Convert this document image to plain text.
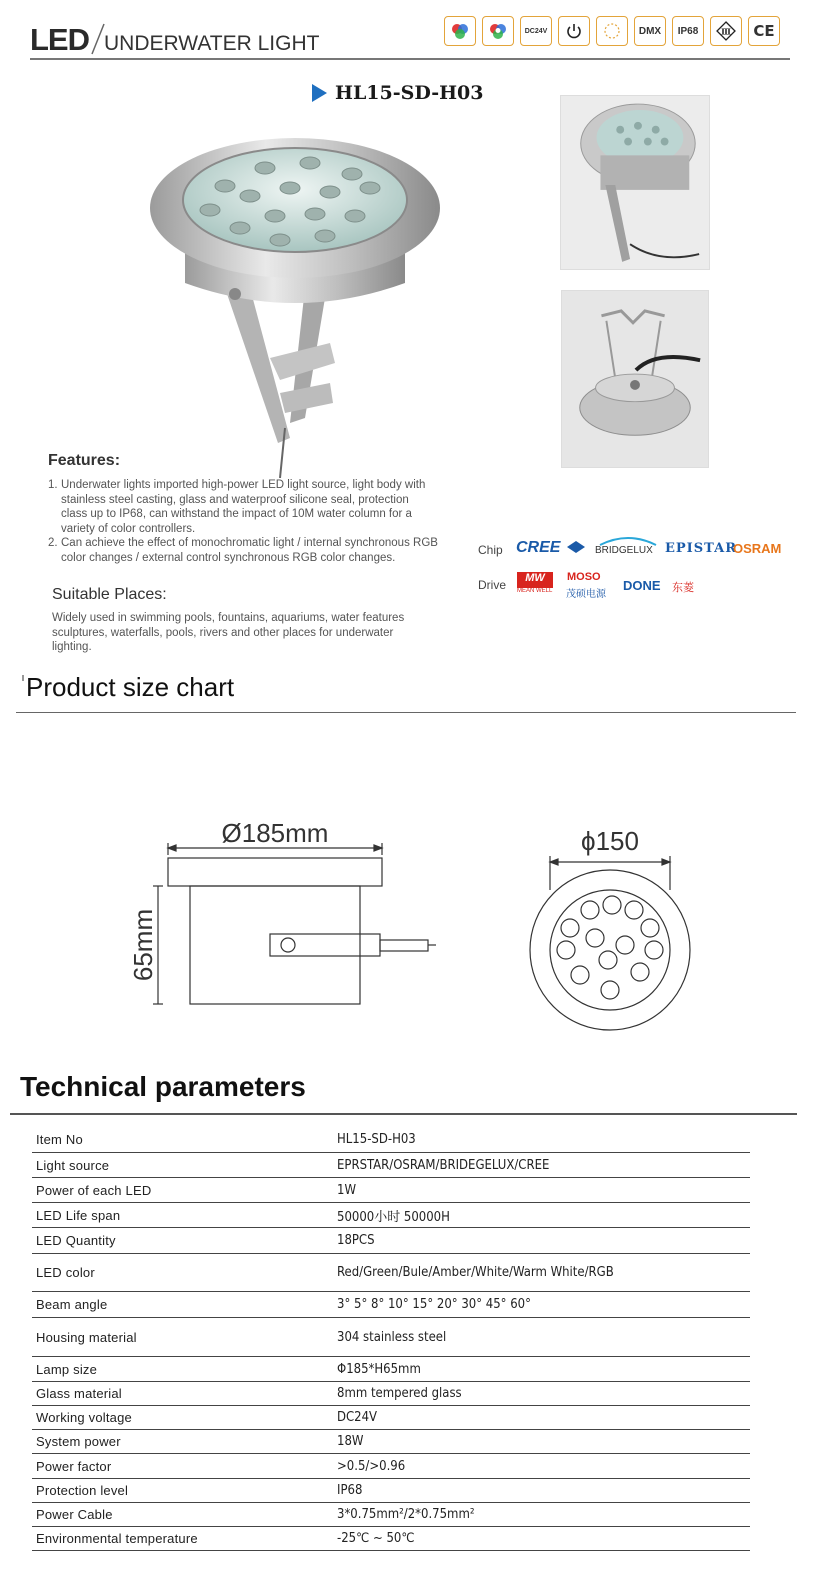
LED UNDERWATER LIGHT
DC24V	DMX	IP68	Ⅲ	CE
HL15-SD-H03
Features:
1. Underwater lights imported high-power LED light source, light body with stainless steel casting, glass and waterproof silicone seal, protection class up to IP68, can withstand the impact of 10M water column for a variety of color controllers.
2. Can achieve the effect of monochromatic light / internal synchronous RGB color changes / external control synchronous RGB color changes.
Suitable Places:
Widely used in swimming pools, fountains, aquariums, water features sculptures, waterfalls, pools, rivers and other places for underwater lighting.
Chip CREE	BRIDGELUX EPISTAR
OSRAM
Drive	MW
MEAN WELL
MOSO
茂硕电源
DONE 东菱
Product size chart
Ø185mm
65mm
ϕ150
Technical parameters
Item No	HL15-SD-H03
Light source	EPRSTAR/OSRAM/BRIDEGELUX/CREE
Power of each LED	1W
LED Life span	50000小时 50000H
LED Quantity	18PCS
LED color	Red/Green/Bule/Amber/White/Warm White/RGB
Beam angle	3° 5° 8° 10° 15° 20° 30° 45° 60°
Housing material	304 stainless steel
Lamp size	Φ185*H65mm
Glass material	8mm tempered glass
Working voltage	DC24V
System power	18W
Power factor	>0.5/>0.96
Protection level	IP68
Power Cable	3*0.75mm²/2*0.75mm²
Environmental temperature	-25℃ ~ 50℃
